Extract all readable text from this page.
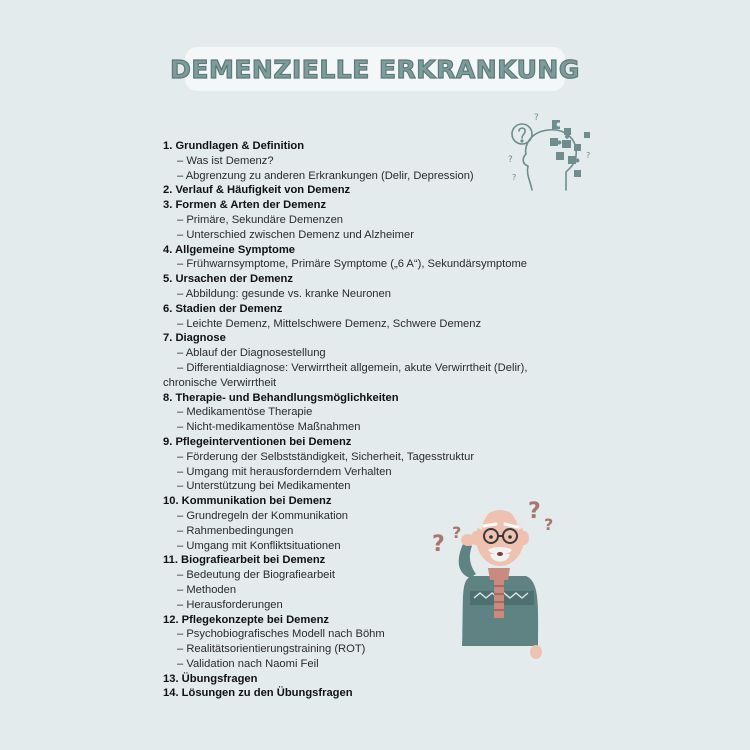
DEMENZIELLE ERKRANKUNG
1. Grundlagen & Definition
– Was ist Demenz?
– Abgrenzung zu anderen Erkrankungen (Delir, Depression)
2. Verlauf & Häufigkeit von Demenz
3. Formen & Arten der Demenz
– Primäre, Sekundäre Demenzen
– Unterschied zwischen Demenz und Alzheimer
4. Allgemeine Symptome
– Frühwarnsymptome, Primäre Symptome („6 A“), Sekundärsymptome
5. Ursachen der Demenz
– Abbildung: gesunde vs. kranke Neuronen
6. Stadien der Demenz
– Leichte Demenz, Mittelschwere Demenz, Schwere Demenz
7. Diagnose
– Ablauf der Diagnosestellung
– Differentialdiagnose: Verwirrtheit allgemein, akute Verwirrtheit (Delir), chronische Verwirrtheit
8. Therapie- und Behandlungsmöglichkeiten
– Medikamentöse Therapie
– Nicht-medikamentöse Maßnahmen
9. Pflegeinterventionen bei Demenz
– Förderung der Selbstständigkeit, Sicherheit, Tagesstruktur
– Umgang mit herausforderndem Verhalten
– Unterstützung bei Medikamenten
10. Kommunikation bei Demenz
– Grundregeln der Kommunikation
– Rahmenbedingungen
– Umgang mit Konfliktsituationen
11. Biografiearbeit bei Demenz
– Bedeutung der Biografiearbeit
– Methoden
– Herausforderungen
12. Pflegekonzepte bei Demenz
– Psychobiografisches Modell nach Böhm
– Realitätsorientierungstraining (ROT)
– Validation nach Naomi Feil
13. Übungsfragen
14. Lösungen zu den Übungsfragen
?
?
?
?
? ?
?
?
